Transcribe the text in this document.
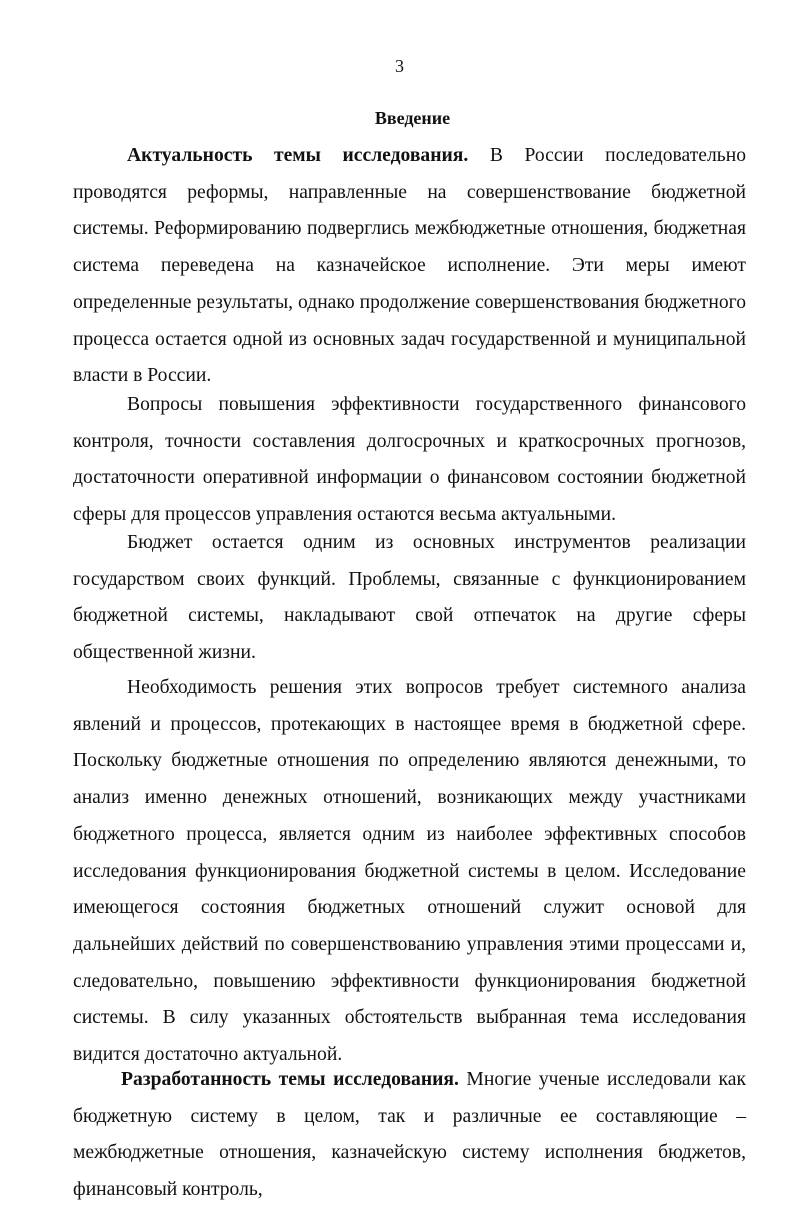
3
Введение

Актуальность темы исследования. В России последовательно проводятся реформы, направленные на совершенствование бюджетной системы. Реформированию подверглись межбюджетные отношения, бюджетная система переведена на казначейское исполнение. Эти меры имеют определенные результаты, однако продолжение совершенствования бюджетного процесса остается одной из основных задач государственной и муниципальной власти в России.

Вопросы повышения эффективности государственного финансового контроля, точности составления долгосрочных и краткосрочных прогнозов, достаточности оперативной информации о финансовом состоянии бюджетной сферы для процессов управления остаются весьма актуальными.

Бюджет остается одним из основных инструментов реализации государством своих функций. Проблемы, связанные с функционированием бюджетной системы, накладывают свой отпечаток на другие сферы общественной жизни.

Необходимость решения этих вопросов требует системного анализа явлений и процессов, протекающих в настоящее время в бюджетной сфере. Поскольку бюджетные отношения по определению являются денежными, то анализ именно денежных отношений, возникающих между участниками бюджетного процесса, является одним из наиболее эффективных способов исследования функционирования бюджетной системы в целом. Исследование имеющегося состояния бюджетных отношений служит основой для дальнейших действий по совершенствованию управления этими процессами и, следовательно, повышению эффективности функционирования бюджетной системы. В силу указанных обстоятельств выбранная тема исследования видится достаточно актуальной.

Разработанность темы исследования. Многие ученые исследовали как бюджетную систему в целом, так и различные ее составляющие – межбюджетные отношения, казначейскую систему исполнения бюджетов, финансовый контроль,
